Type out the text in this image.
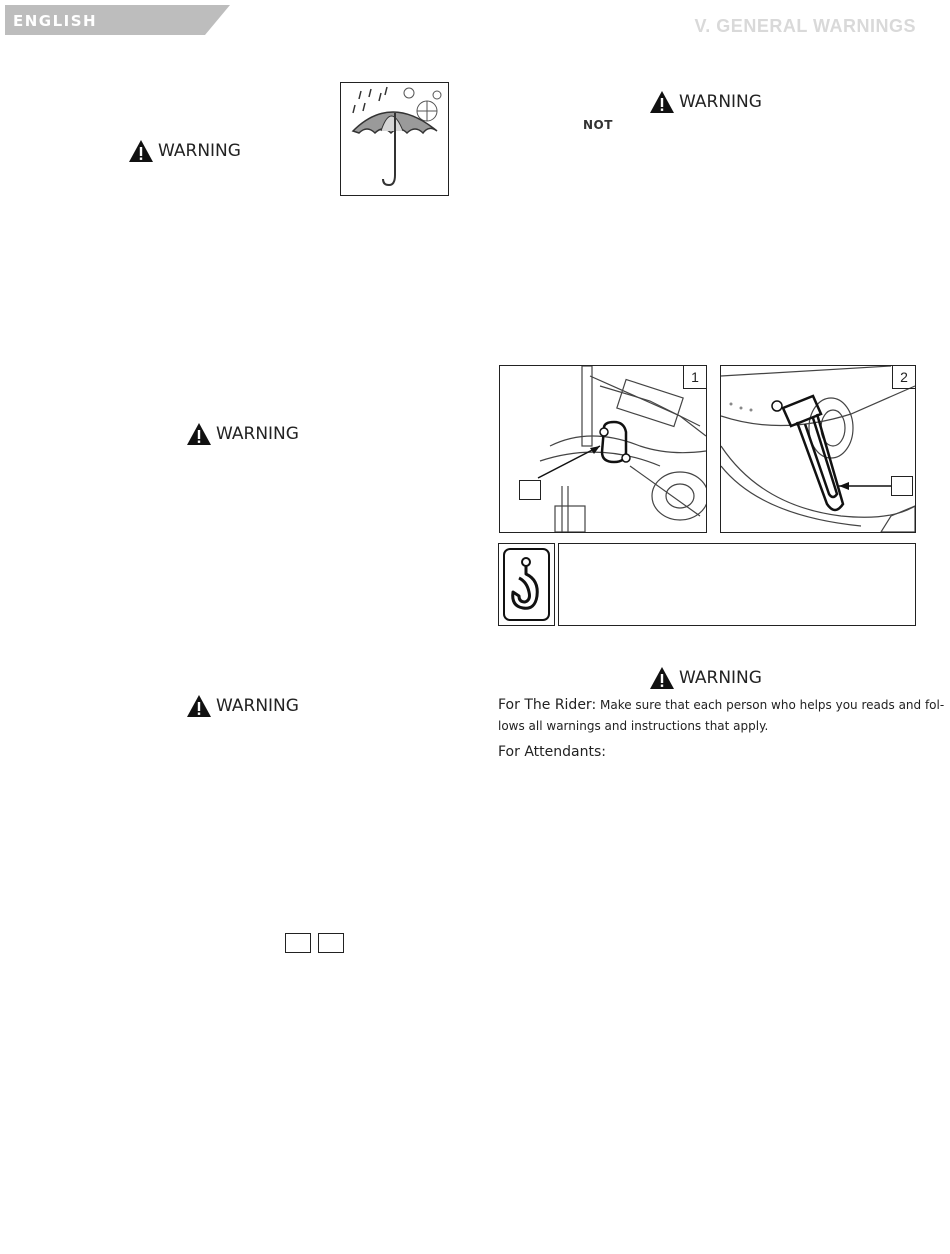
ENGLISH	V. GENERAL WARNINGS
WARNING
WARNING
WARNING
WARNING
NOT
1	2
WARNING
For The Rider: Make sure that each person who helps you reads and fol-
lows all warnings and instructions that apply.
For Attendants:
